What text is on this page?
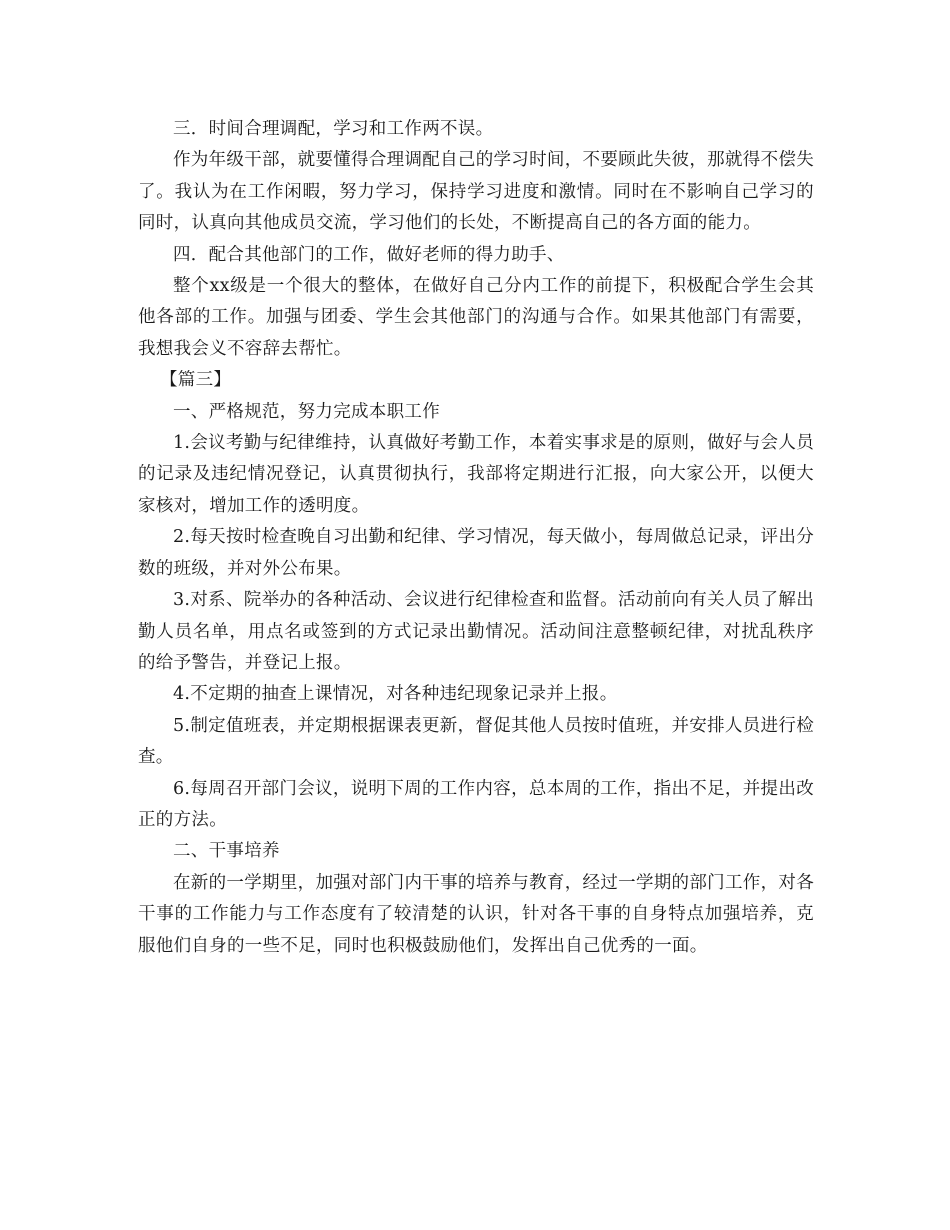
三．时间合理调配，学习和工作两不误。

作为年级干部，就要懂得合理调配自己的学习时间，不要顾此失彼，那就得不偿失了。我认为在工作闲暇，努力学习，保持学习进度和激情。同时在不影响自己学习的同时，认真向其他成员交流，学习他们的长处，不断提高自己的各方面的能力。

四．配合其他部门的工作，做好老师的得力助手、

整个xx级是一个很大的整体，在做好自己分内工作的前提下，积极配合学生会其他各部的工作。加强与团委、学生会其他部门的沟通与合作。如果其他部门有需要，我想我会义不容辞去帮忙。

【篇三】

一、严格规范，努力完成本职工作

1.会议考勤与纪律维持，认真做好考勤工作，本着实事求是的原则，做好与会人员的记录及违纪情况登记，认真贯彻执行，我部将定期进行汇报，向大家公开，以便大家核对，增加工作的透明度。

2.每天按时检查晚自习出勤和纪律、学习情况，每天做小，每周做总记录，评出分数的班级，并对外公布果。

3.对系、院举办的各种活动、会议进行纪律检查和监督。活动前向有关人员了解出勤人员名单，用点名或签到的方式记录出勤情况。活动间注意整顿纪律，对扰乱秩序的给予警告，并登记上报。

4.不定期的抽查上课情况，对各种违纪现象记录并上报。

5.制定值班表，并定期根据课表更新，督促其他人员按时值班，并安排人员进行检查。

6.每周召开部门会议，说明下周的工作内容，总本周的工作，指出不足，并提出改正的方法。

二、干事培养

在新的一学期里，加强对部门内干事的培养与教育，经过一学期的部门工作，对各干事的工作能力与工作态度有了较清楚的认识，针对各干事的自身特点加强培养，克服他们自身的一些不足，同时也积极鼓励他们，发挥出自己优秀的一面。
